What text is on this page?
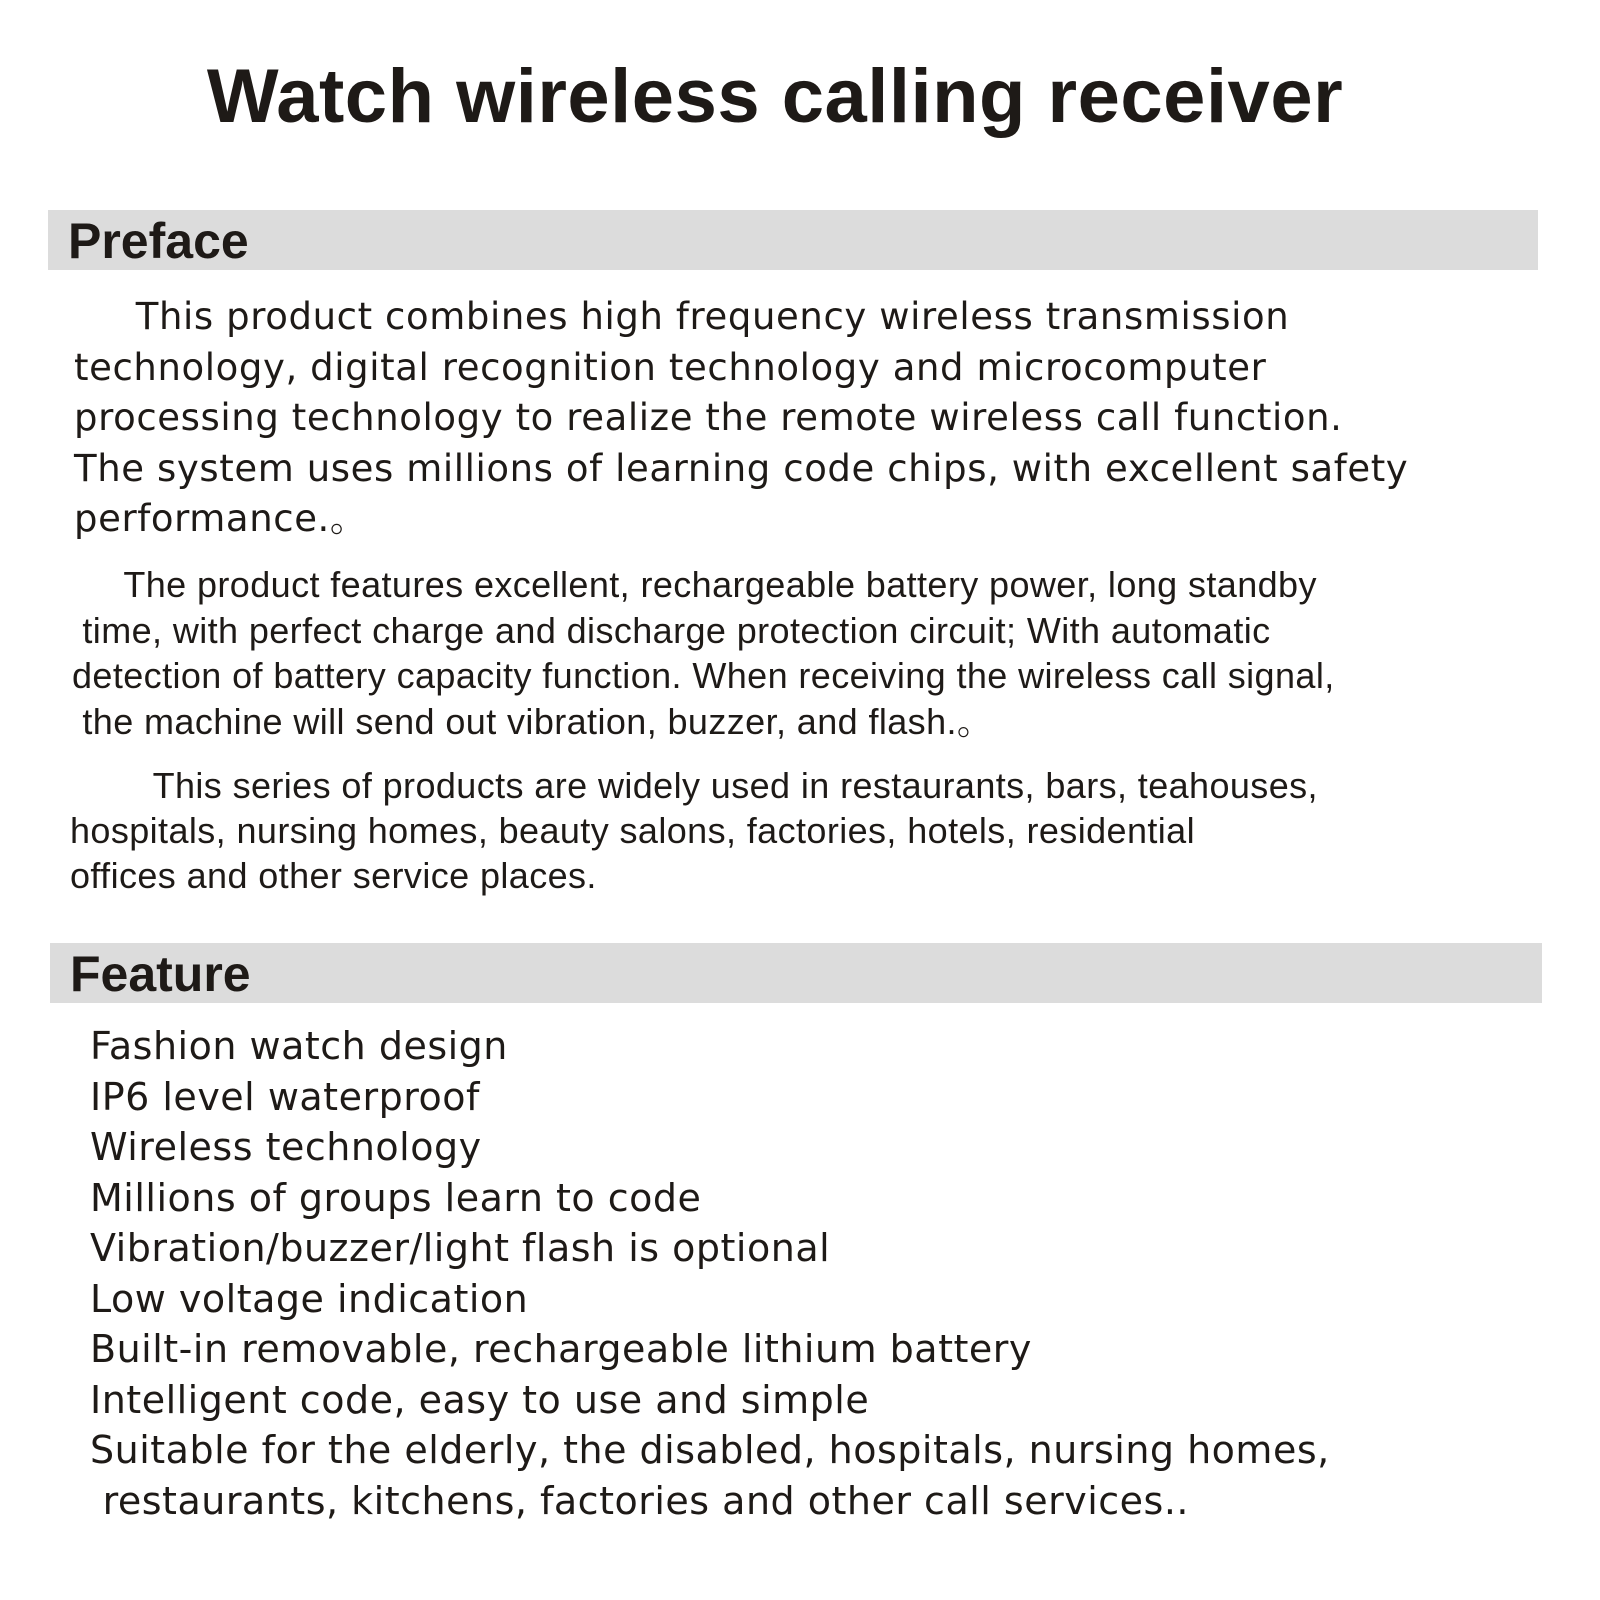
Watch wireless calling receiver
Preface

This product combines high frequency wireless transmission
technology, digital recognition technology and microcomputer
processing technology to realize the remote wireless call function.
The system uses millions of learning code chips, with excellent safety
performance.。

The product features excellent, rechargeable battery power, long standby
time, with perfect charge and discharge protection circuit; With automatic
detection of battery capacity function. When receiving the wireless call signal,
the machine will send out vibration, buzzer, and flash.。

This series of products are widely used in restaurants, bars, teahouses,
hospitals, nursing homes, beauty salons, factories, hotels, residential
offices and other service places.

Feature
Fashion watch design
IP6 level waterproof
Wireless technology
Millions of groups learn to code
Vibration/buzzer/light flash is optional
Low voltage indication
Built-in removable, rechargeable lithium battery
Intelligent code, easy to use and simple
Suitable for the elderly, the disabled, hospitals, nursing homes,
restaurants, kitchens, factories and other call services..
